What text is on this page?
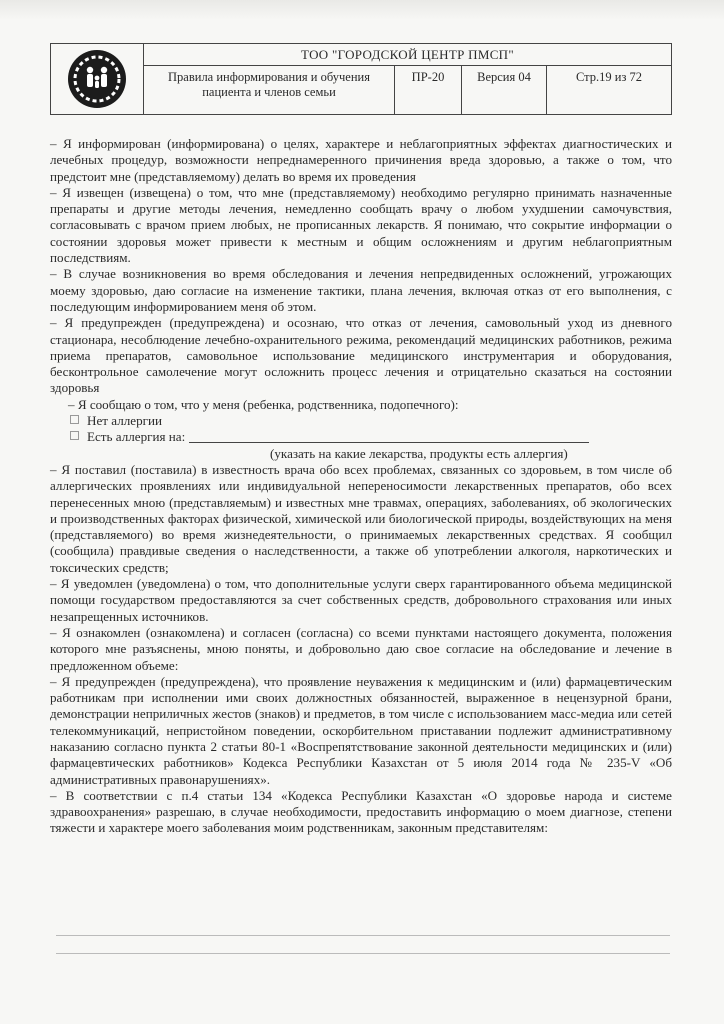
ТОО "ГОРОДСКОЙ ЦЕНТР ПМСП"
Правила информирования и обучения пациента и членов семьи
ПР-20	Версия 04	Стр.19 из 72

– Я информирован (информирована) о целях, характере и неблагоприятных эффектах диагностических и лечебных процедур, возможности непреднамеренного причинения вреда здоровью, а также о том, что предстоит мне (представляемому) делать во время их проведения

– Я извещен (извещена) о том, что мне (представляемому) необходимо регулярно принимать назначенные препараты и другие методы лечения, немедленно сообщать врачу о любом ухудшении самочувствия, согласовывать с врачом прием любых, не прописанных лекарств. Я понимаю, что сокрытие информации о состоянии здоровья может привести к местным и общим осложнениям и другим неблагоприятным последствиям.

– В случае возникновения во время обследования и лечения непредвиденных осложнений, угрожающих моему здоровью, даю согласие на изменение тактики, плана лечения, включая отказ от его выполнения, с последующим информированием меня об этом.

– Я предупрежден (предупреждена) и осознаю, что отказ от лечения, самовольный уход из дневного стационара, несоблюдение лечебно-охранительного режима, рекомендаций медицинских работников, режима приема препаратов, самовольное использование медицинского инструментария и оборудования, бесконтрольное самолечение могут осложнить процесс лечения и отрицательно сказаться на состоянии здоровья

– Я сообщаю о том, что у меня (ребенка, родственника, подопечного):

Нет аллергии

Есть аллергия на:

(указать на какие лекарства, продукты есть аллергия)

– Я поставил (поставила) в известность врача обо всех проблемах, связанных со здоровьем, в том числе об аллергических проявлениях или индивидуальной непереносимости лекарственных препаратов, обо всех перенесенных мною (представляемым) и известных мне травмах, операциях, заболеваниях, об экологических и производственных факторах физической, химической или биологической природы, воздействующих на меня (представляемого) во время жизнедеятельности, о принимаемых лекарственных средствах. Я сообщил (сообщила) правдивые сведения о наследственности, а также об употреблении алкоголя, наркотических и токсических средств;

– Я уведомлен (уведомлена) о том, что дополнительные услуги сверх гарантированного объема медицинской помощи государством предоставляются за счет собственных средств, добровольного страхования или иных незапрещенных источников.

– Я ознакомлен (ознакомлена) и согласен (согласна) со всеми пунктами настоящего документа, положения которого мне разъяснены, мною поняты, и добровольно даю свое согласие на обследование и лечение в предложенном объеме:

– Я предупрежден (предупреждена), что проявление неуважения к медицинским и (или) фармацевтическим работникам при исполнении ими своих должностных обязанностей, выраженное в нецензурной брани, демонстрации неприличных жестов (знаков) и предметов, в том числе с использованием масс-медиа или сетей телекоммуникаций, непристойном поведении, оскорбительном приставании подлежит административному наказанию согласно пункта 2 статьи 80-1 «Воспрепятствование законной деятельности медицинских и (или) фармацевтических работников» Кодекса Республики Казахстан от 5 июля 2014 года № 235-V «Об административных правонарушениях».

– В соответствии с п.4 статьи 134 «Кодекса Республики Казахстан «О здоровье народа и системе здравоохранения» разрешаю, в случае необходимости, предоставить информацию о моем диагнозе, степени тяжести и характере моего заболевания моим родственникам, законным представителям:
